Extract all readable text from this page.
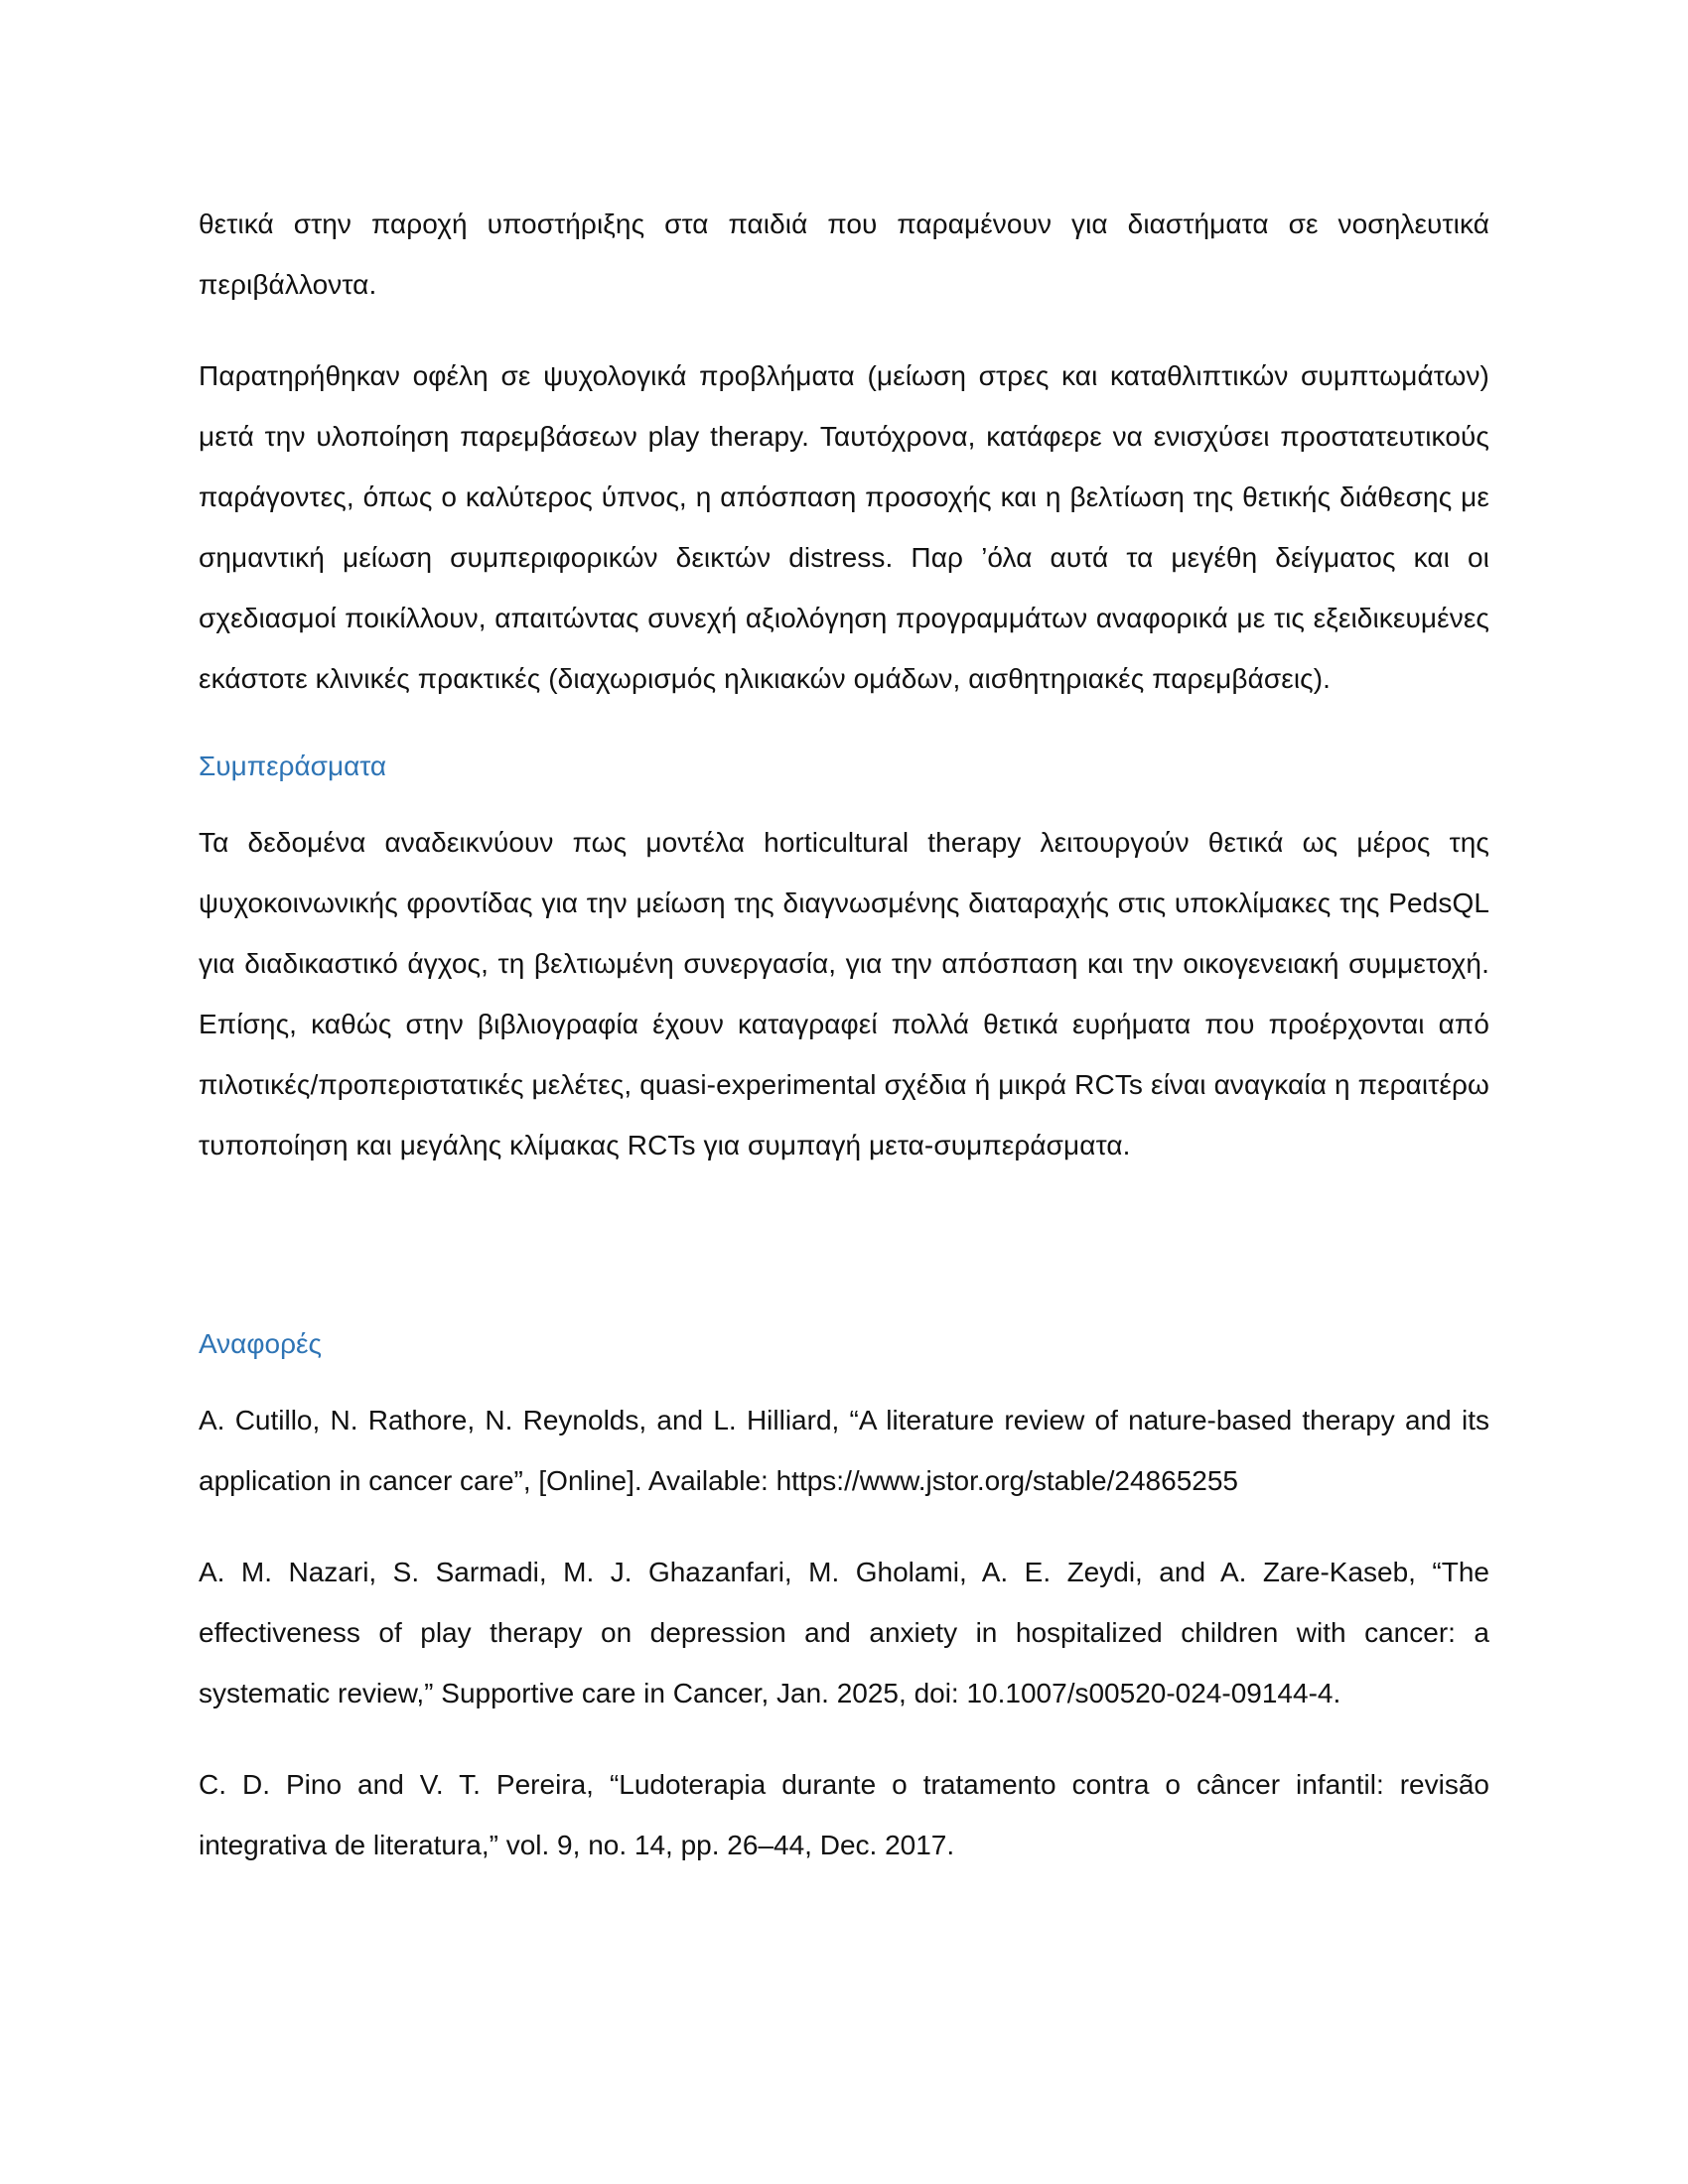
θετικά στην παροχή υποστήριξης στα παιδιά που παραμένουν για διαστήματα σε νοσηλευτικά περιβάλλοντα.

Παρατηρήθηκαν οφέλη σε ψυχολογικά προβλήματα (μείωση στρες και καταθλιπτικών συμπτωμάτων) μετά την υλοποίηση παρεμβάσεων play therapy. Ταυτόχρονα, κατάφερε να ενισχύσει προστατευτικούς παράγοντες, όπως ο καλύτερος ύπνος, η απόσπαση προσοχής και η βελτίωση της θετικής διάθεσης με σημαντική μείωση συμπεριφορικών δεικτών distress. Παρ ’όλα αυτά τα μεγέθη δείγματος και οι σχεδιασμοί ποικίλλουν, απαιτώντας συνεχή αξιολόγηση προγραμμάτων αναφορικά με τις εξειδικευμένες εκάστοτε κλινικές πρακτικές (διαχωρισμός ηλικιακών ομάδων, αισθητηριακές παρεμβάσεις).

Συμπεράσματα

Τα δεδομένα αναδεικνύουν πως μοντέλα horticultural therapy λειτουργούν θετικά ως μέρος της ψυχοκοινωνικής φροντίδας για την μείωση της διαγνωσμένης διαταραχής στις υποκλίμακες της PedsQL για διαδικαστικό άγχος, τη βελτιωμένη συνεργασία, για την απόσπαση και την οικογενειακή συμμετοχή. Επίσης, καθώς στην βιβλιογραφία έχουν καταγραφεί πολλά θετικά ευρήματα που προέρχονται από πιλοτικές/προπεριστατικές μελέτες, quasi-experimental σχέδια ή μικρά RCTs είναι αναγκαία η περαιτέρω τυποποίηση και μεγάλης κλίμακας RCTs για συμπαγή μετα-συμπεράσματα.

Αναφορές

A. Cutillo, N. Rathore, N. Reynolds, and L. Hilliard, “A literature review of nature-based therapy and its application in cancer care”, [Online]. Available: https://www.jstor.org/stable/24865255

A. M. Nazari, S. Sarmadi, M. J. Ghazanfari, M. Gholami, A. E. Zeydi, and A. Zare-Kaseb, “The effectiveness of play therapy on depression and anxiety in hospitalized children with cancer: a systematic review,” Supportive care in Cancer, Jan. 2025, doi: 10.1007/s00520-024-09144-4.

C. D. Pino and V. T. Pereira, “Ludoterapia durante o tratamento contra o câncer infantil: revisão integrativa de literatura,” vol. 9, no. 14, pp. 26–44, Dec. 2017.
